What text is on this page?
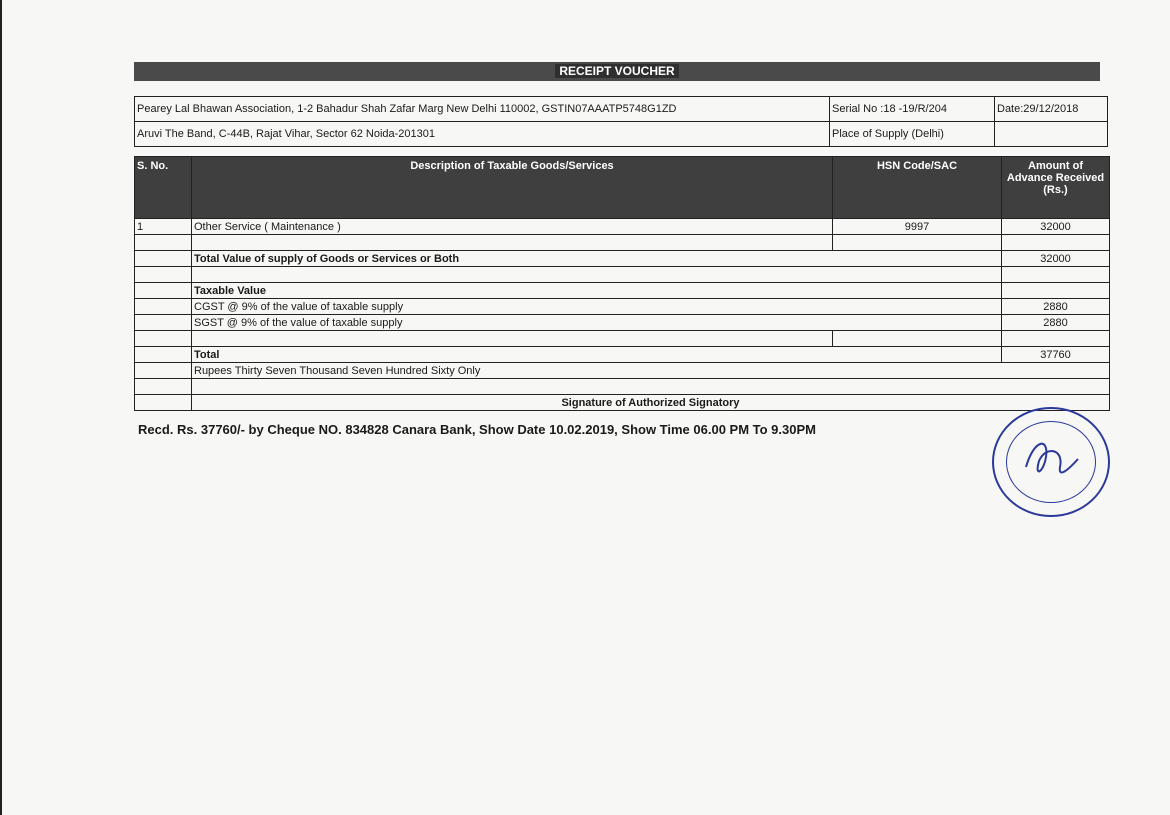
RECEIPT VOUCHER
Pearey Lal Bhawan Association, 1-2 Bahadur Shah Zafar Marg New Delhi 110002, GSTIN07AAATP5748G1ZD	Serial No :18 -19/R/204	Date:29/12/2018
Aruvi The Band, C-44B, Rajat Vihar, Sector 62 Noida-201301	Place of Supply (Delhi)	
S. No.	Description of Taxable Goods/Services	HSN Code/SAC	Amount of
Advance Received
(Rs.)

1	Other Service ( Maintenance )	9997	32000

	Total Value of supply of Goods or Services or Both		32000

	Taxable Value		
	CGST @ 9% of the value of taxable supply		2880
	SGST @ 9% of the value of taxable supply		2880

	Total		37760
	Rupees Thirty Seven Thousand Seven Hundred Sixty Only		

	Signature of Authorized Signatory		
Recd. Rs. 37760/- by Cheque NO. 834828 Canara Bank, Show Date 10.02.2019, Show Time 06.00 PM To 9.30PM
